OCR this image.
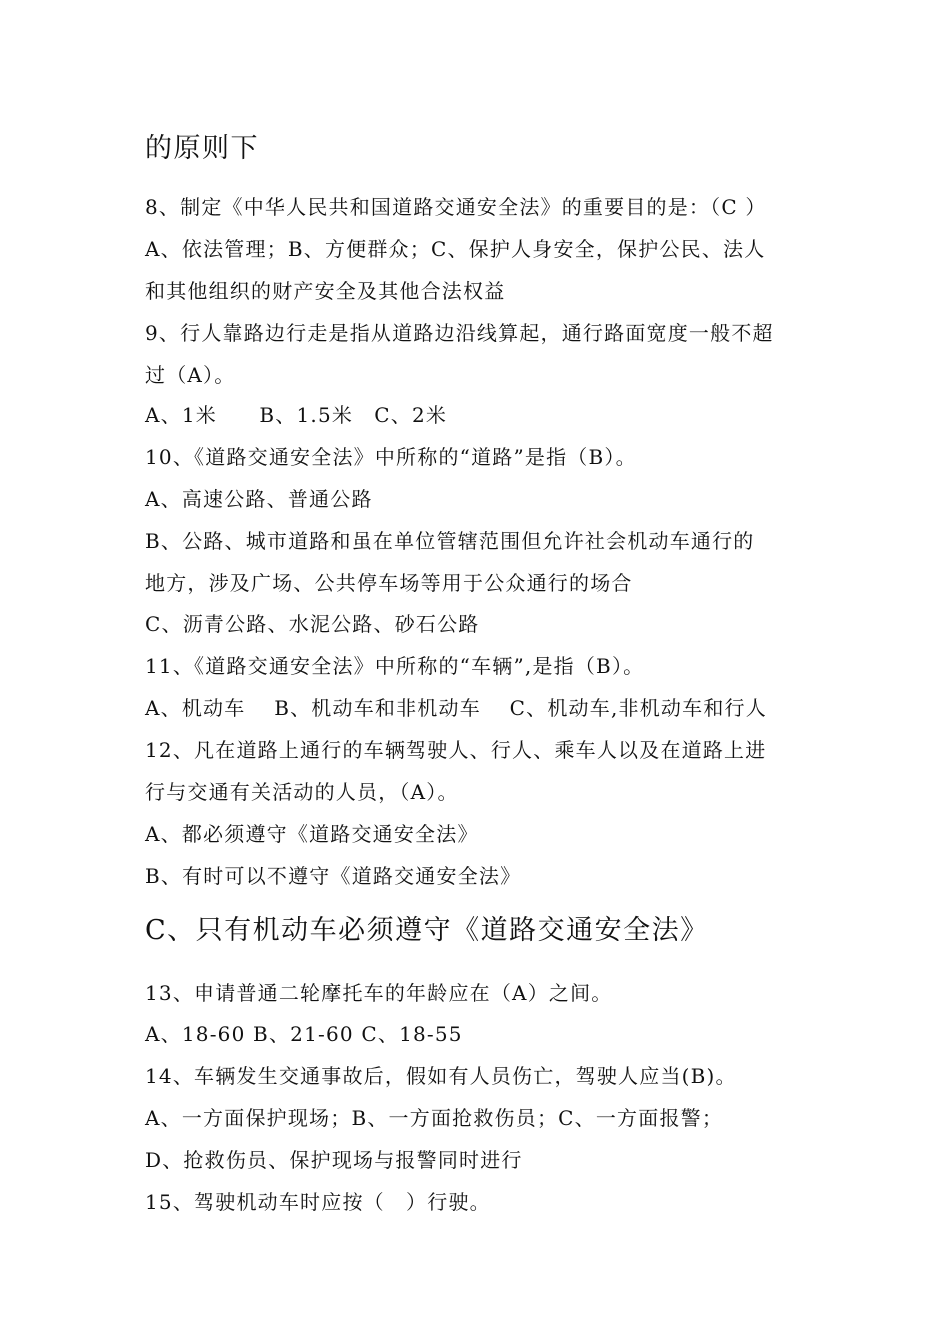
的原则下
8、制定《中华人民共和国道路交通安全法》的重要目的是：（C ）
A、依法管理；B、方便群众；C、保护人身安全，保护公民、法人
和其他组织的财产安全及其他合法权益
9、行人靠路边行走是指从道路边沿线算起，通行路面宽度一般不超
过（A）。
A、1米　　B、1.5米　C、2米
10、《道路交通安全法》中所称的“道路”是指（B）。
A、高速公路、普通公路
B、公路、城市道路和虽在单位管辖范围但允许社会机动车通行的
地方，涉及广场、公共停车场等用于公众通行的场合
C、沥青公路、水泥公路、砂石公路
11、《道路交通安全法》中所称的“车辆”,是指（B）。
A、机动车　 B、机动车和非机动车　 C、机动车,非机动车和行人
12、凡在道路上通行的车辆驾驶人、行人、乘车人以及在道路上进
行与交通有关活动的人员，（A）。
A、都必须遵守《道路交通安全法》
B、有时可以不遵守《道路交通安全法》
C、只有机动车必须遵守《道路交通安全法》
13、申请普通二轮摩托车的年龄应在（A）之间。
A、18-60 B、21-60 C、18-55
14、车辆发生交通事故后，假如有人员伤亡，驾驶人应当(B)。
A、一方面保护现场；B、一方面抢救伤员；C、一方面报警；
D、抢救伤员、保护现场与报警同时进行
15、驾驶机动车时应按（　）行驶。
